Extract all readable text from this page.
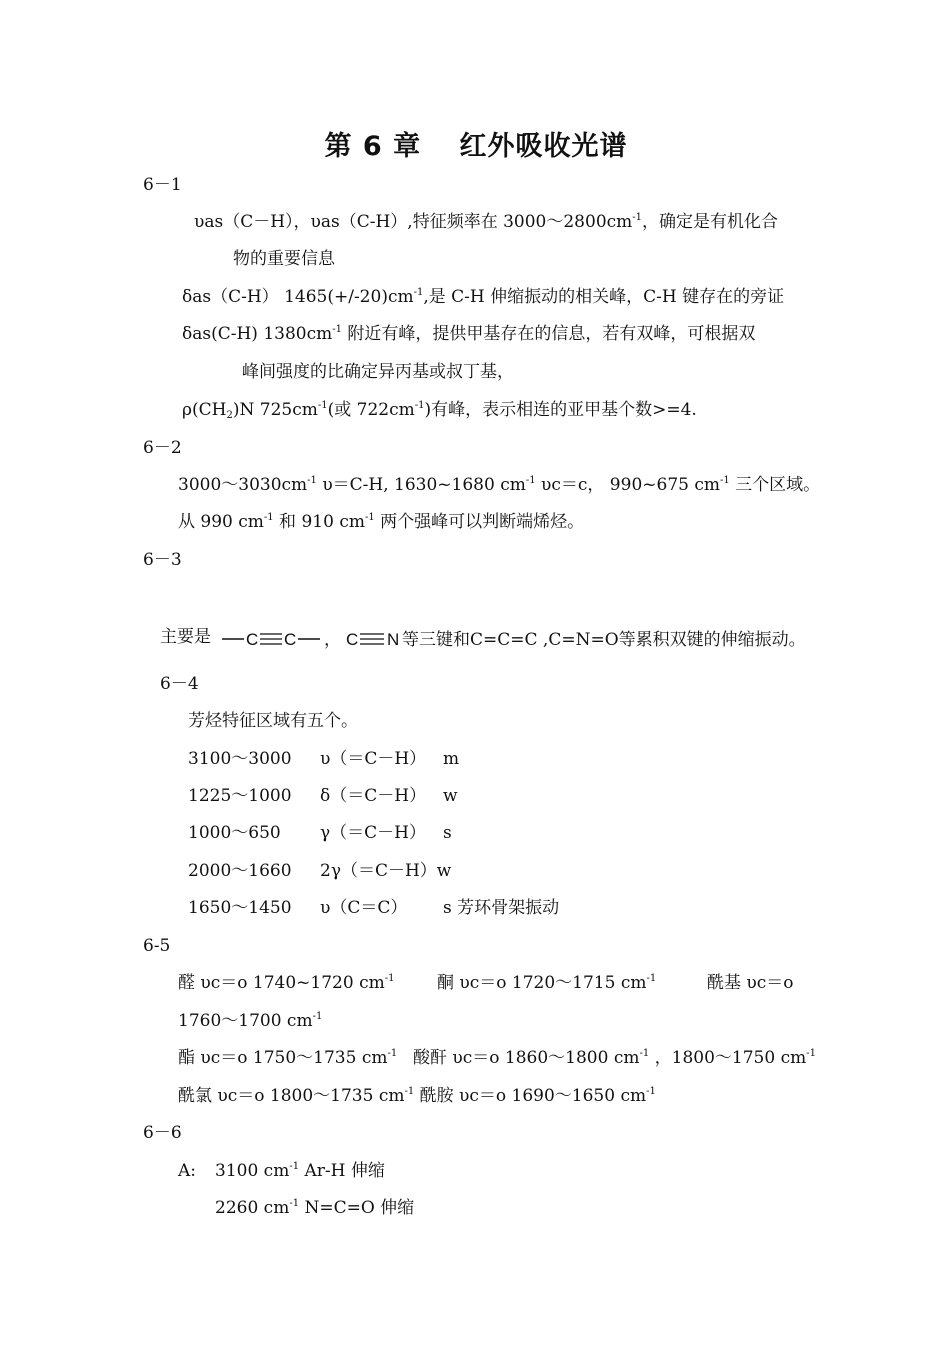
第 6 章　 红外吸收光谱
6－1
υas（C－H），υas（C-H）,特征频率在 $3000\sim 2800cm^{-1}$，确定是有机化合
物的重要信息
δas（C-H） $1465(+/-20)cm^{-1}$,是 C-H 伸缩振动的相关峰，C-H 键存在的旁证
δas(C-H) $1380cm^{-1}$ 附近有峰，提供甲基存在的信息，若有双峰，可根据双
峰间强度的比确定异丙基或叔丁基，
$\rho(CH_2)N$ $725cm^{-1}$(或 $722cm^{-1}$)有峰，表示相连的亚甲基个数>=4.
6－2
$3000\sim 3030cm^{-1}$ υ＝C-H, 1630~1680 $cm^{-1}$ υc＝c， 990~675 $cm^{-1}$ 三个区域。
从 990 $cm^{-1}$ 和 910 $cm^{-1}$ 两个强峰可以判断端烯烃。
6－3
主要是 C C ， C N 等三键和C=C=C ,C=N=O等累积双键的伸缩振动。
6－4
芳烃特征区域有五个。
3100～3000 υ（＝C－H） m
1225～1000 δ（＝C－H） w
1000～650 γ（＝C－H） s
2000～1660 2γ（＝C－H）w
1650～1450 υ（C＝C） s 芳环骨架振动
6-5
醛 υc＝o 1740~1720 $cm^{-1}$	酮 υc＝o 1720～1715 $cm^{-1}$	酰基 υc＝o
1760～1700 $cm^{-1}$
酯 υc＝o 1750～1735 $cm^{-1}$ 酸酐 υc＝o 1860～1800 $cm^{-1}$ ，1800～1750 $cm^{-1}$
酰氯 υc＝o 1800～1735 $cm^{-1}$ 酰胺 υc＝o 1690～1650 $cm^{-1}$
6－6
A: 3100 $cm^{-1}$ Ar-H 伸缩
2260 $cm^{-1}$ N=C=O 伸缩
